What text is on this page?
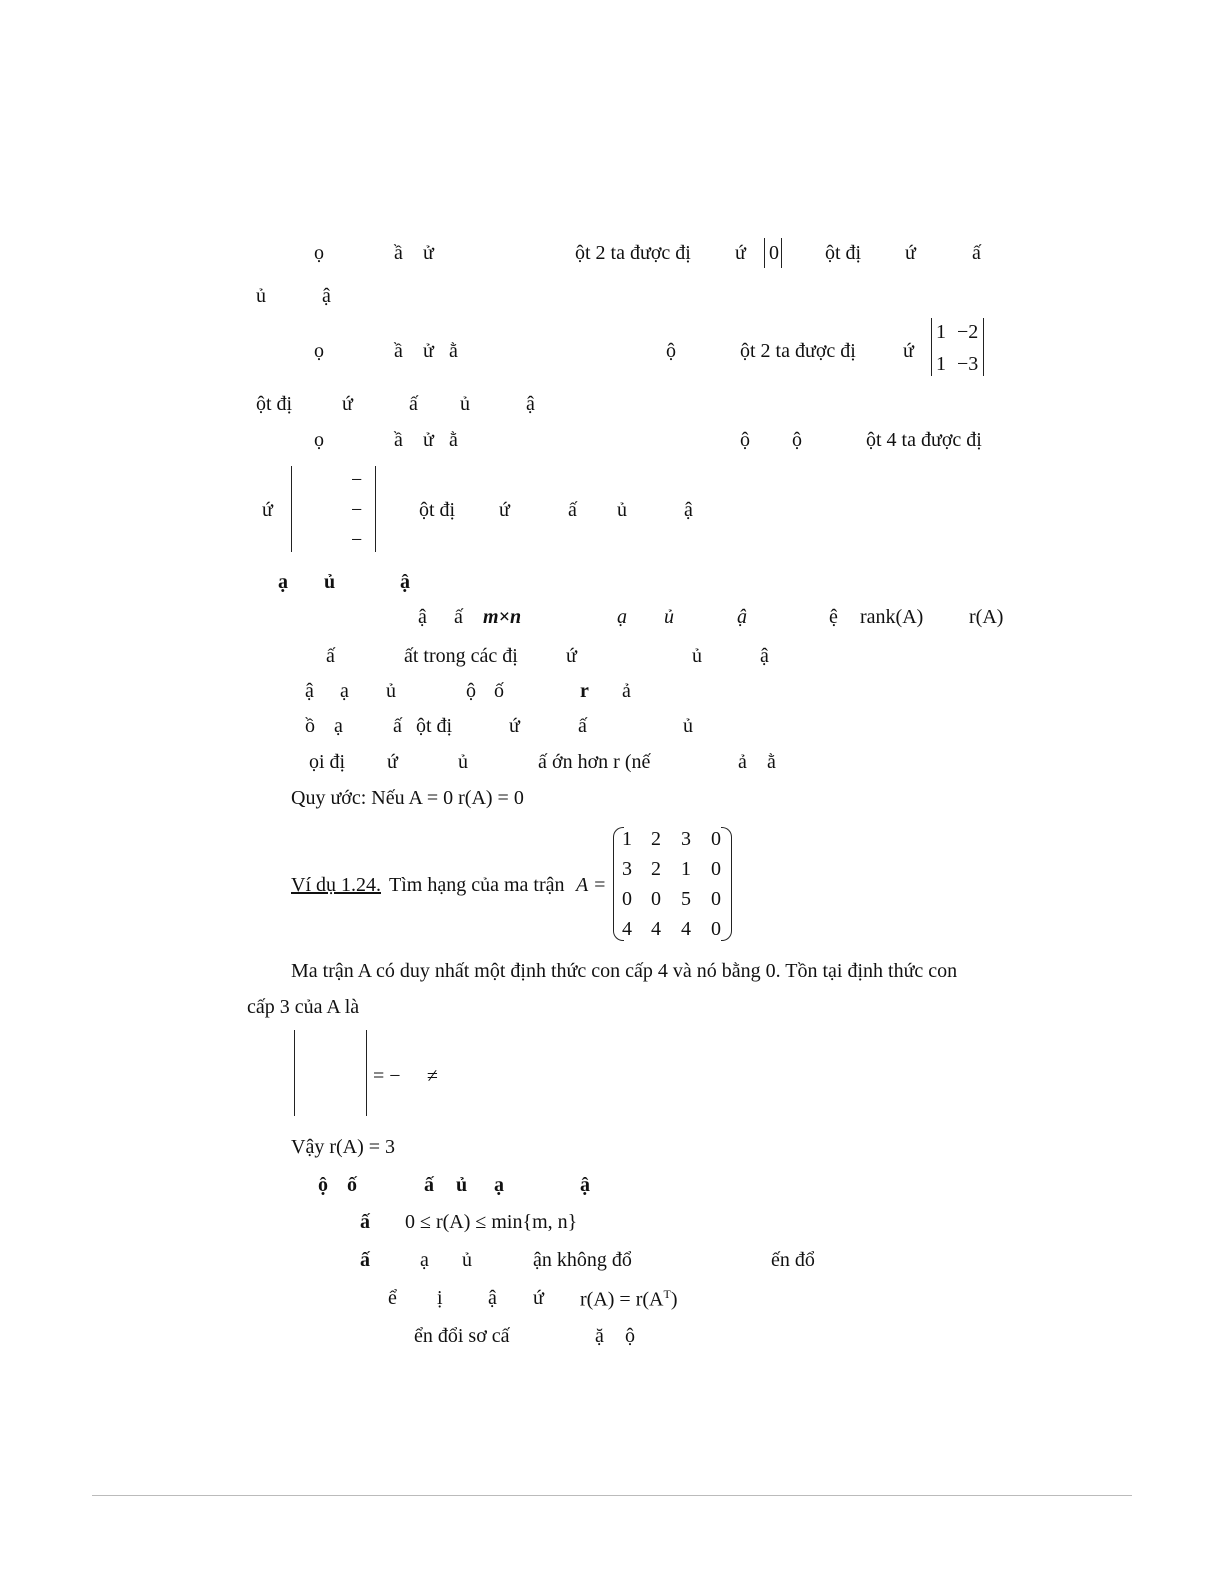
ọ	ầ ử	ột 2 ta được đị ứ 0 ột đị ứ	ấ
ủ	ậ
ọ	ầ ử ằ	ộ	ột 2 ta được đị ứ
1 −2
1 −3
ột đị ứ	ấ ủ	ậ
ọ	ầ ử ằ	ộ ộ	ột 4 ta được đị
ứ
−
−
−
ột đị ứ	ấ ủ	ậ
ạ ủ	ậ
ậ ấ m×n	ạ ủ	ậ	ệ rank(A) r(A)
ấ	ất trong các đị ứ	ủ	ậ
ậ ạ ủ	ộ ố	r ả
ồ ạ	ấ ột đị	ứ	ấ	ủ
ọi đị ứ	ủ	ấ ớn hơn r (nế	ả ằ
Quy ước: Nếu A = 0 r(A) = 0
Ví dụ 1.24. Tìm hạng của ma trận A =
1 2 3 0
3 2 1 0
0 0 5 0
4 4 4 0
Ma trận A có duy nhất một định thức con cấp 4 và nó bằng 0. Tồn tại định thức con
cấp 3 của A là
= − ≠
Vậy r(A) = 3
ộ ố	ấ ủ ạ	ậ
ấ 0 ≤ r(A) ≤ min{m, n}
ấ	ạ ủ	ận không đổ	ến đổ
ể ị ậ ứ $r(A) = r(A^T)$
ển đổi sơ cấ	ặ ộ
